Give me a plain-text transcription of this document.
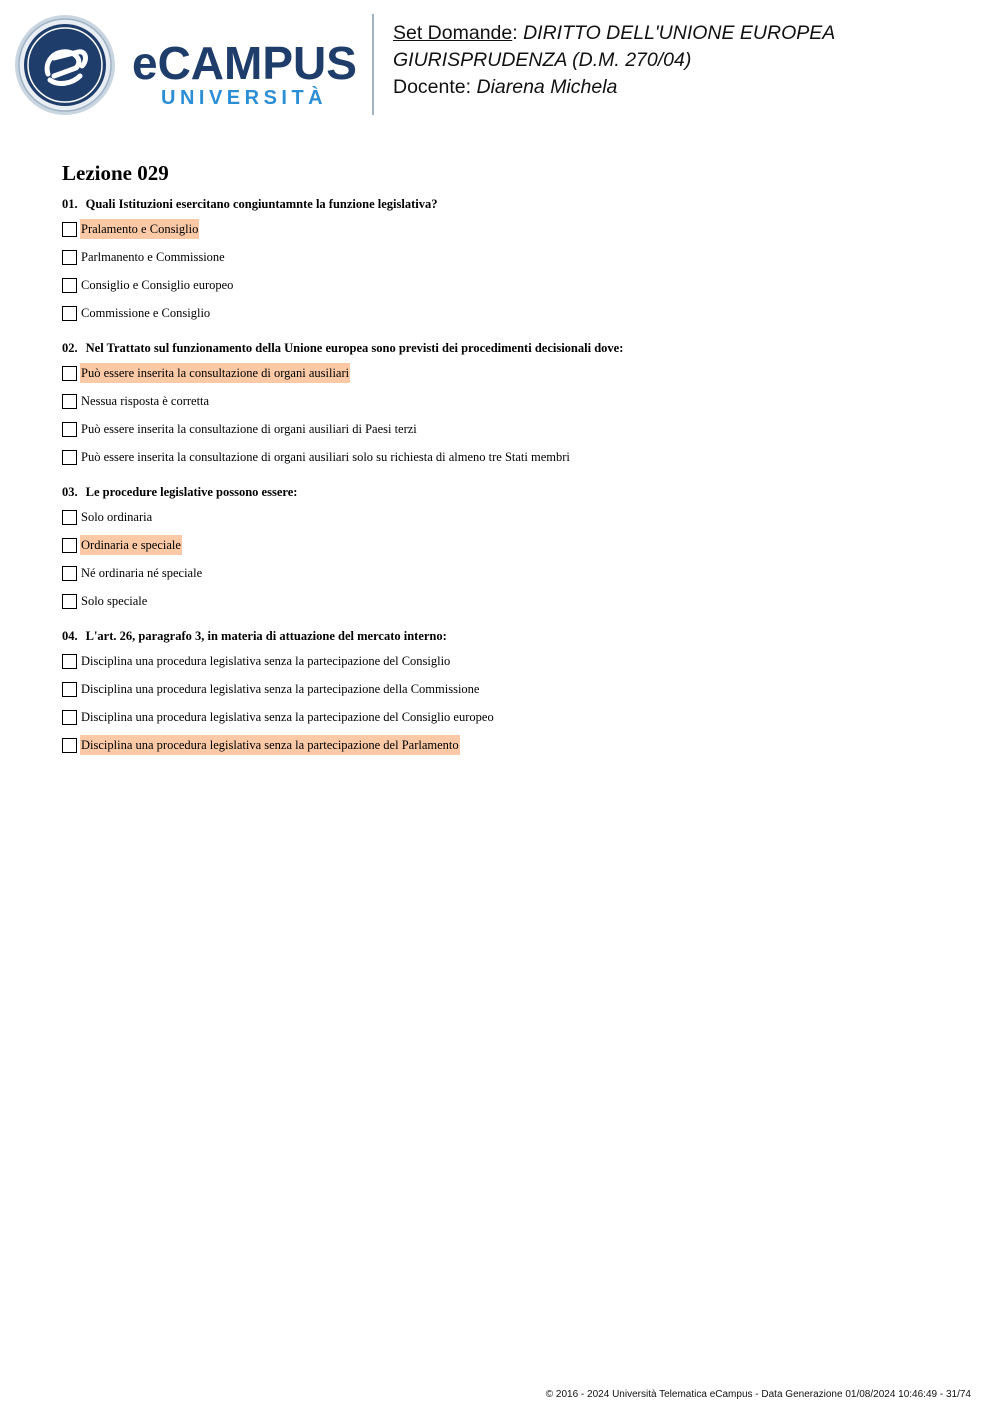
eCAMPUS
UNIVERSITÀ
Set Domande: DIRITTO DELL'UNIONE EUROPEA
GIURISPRUDENZA (D.M. 270/04)
Docente: Diarena Michela
Lezione 029
01. Quali Istituzioni esercitano congiuntamnte la funzione legislativa?
Pralamento e Consiglio
Parlmanento e Commissione
Consiglio e Consiglio europeo
Commissione e Consiglio
02. Nel Trattato sul funzionamento della Unione europea sono previsti dei procedimenti decisionali dove:
Può essere inserita la consultazione di organi ausiliari
Nessua risposta è corretta
Può essere inserita la consultazione di organi ausiliari di Paesi terzi
Può essere inserita la consultazione di organi ausiliari solo su richiesta di almeno tre Stati membri
03. Le procedure legislative possono essere:
Solo ordinaria
Ordinaria e speciale
Né ordinaria né speciale
Solo speciale
04. L'art. 26, paragrafo 3, in materia di attuazione del mercato interno:
Disciplina una procedura legislativa senza la partecipazione del Consiglio
Disciplina una procedura legislativa senza la partecipazione della Commissione
Disciplina una procedura legislativa senza la partecipazione del Consiglio europeo
Disciplina una procedura legislativa senza la partecipazione del Parlamento
© 2016 - 2024 Università Telematica eCampus - Data Generazione 01/08/2024 10:46:49 - 31/74
